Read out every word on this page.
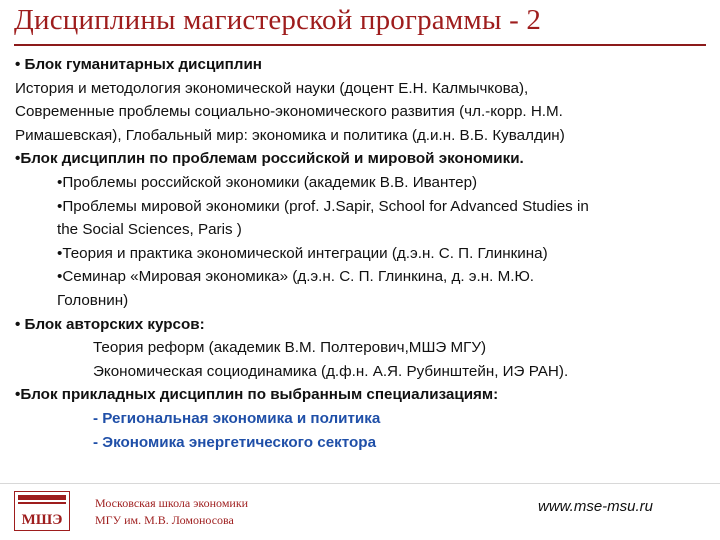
Дисциплины магистерской программы - 2

• Блок гуманитарных дисциплин

История и методология экономической науки (доцент Е.Н. Калмычкова),

Современные проблемы социально-экономического развития (чл.-корр. Н.М.

Римашевская), Глобальный мир: экономика и политика (д.и.н. В.Б. Кувалдин)

•Блок дисциплин по проблемам российской и мировой экономики.

•Проблемы российской экономики (академик В.В. Ивантер)

•Проблемы мировой экономики (prof. J.Sapir, School for Advanced Studies in

the Social Sciences, Paris )

•Теория и практика экономической интеграции (д.э.н. С. П. Глинкина)

•Семинар «Мировая экономика» (д.э.н. С. П. Глинкина, д. э.н. М.Ю.

Головнин)

• Блок авторских курсов:

Теория реформ (академик В.М. Полтерович,МШЭ МГУ)

Экономическая социодинамика (д.ф.н. А.Я. Рубинштейн, ИЭ РАН).

•Блок прикладных дисциплин по выбранным специализациям:

- Региональная экономика и политика

- Экономика энергетического сектора

МШЭ
Московская школа экономики
МГУ им. М.В. Ломоносова
www.mse-msu.ru
